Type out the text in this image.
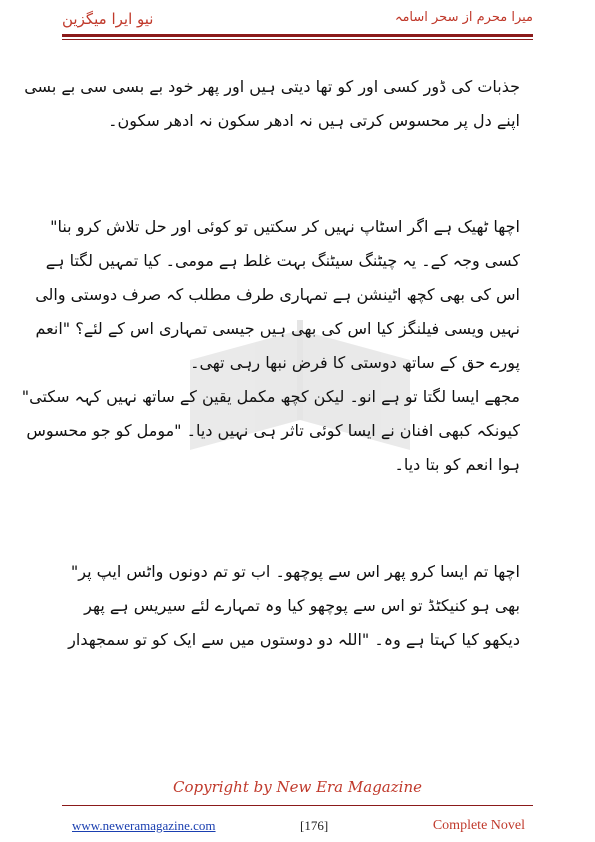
نیو ایرا میگزین	میرا محرم از سحر اسامہ
جذبات کی ڈور کسی اور کو تھا دیتی ہیں اور پھر خود بے بسی سی بے بسی
اپنے دل پر محسوس کرتی ہیں نہ ادھر سکون نہ ادھر سکون۔
اچھا ٹھیک ہے اگر اسٹاپ نہیں کر سکتیں تو کوئی اور حل تلاش کرو بنا"
کسی وجہ کے۔ یہ چیٹنگ سیٹنگ بہت غلط ہے مومی۔ کیا تمہیں لگتا ہے
اس کی بھی کچھ اٹینشن ہے تمہاری طرف مطلب کہ صرف دوستی والی
نہیں ویسی فیلنگز کیا اس کی بھی ہیں جیسی تمہاری اس کے لئے؟ "انعم
پورے حق کے ساتھ دوستی کا فرض نبھا رہی تھی۔
مجھے ایسا لگتا تو ہے انو۔ لیکن کچھ مکمل یقین کے ساتھ نہیں کہہ سکتی"
کیونکہ کبھی افنان نے ایسا کوئی تاثر ہی نہیں دیا۔ "مومل کو جو محسوس
ہوا انعم کو بتا دیا۔
اچھا تم ایسا کرو پھر اس سے پوچھو۔ اب تو تم دونوں واٹس ایپ پر"
بھی ہو کنیکٹڈ تو اس سے پوچھو کیا وہ تمہارے لئے سیریس ہے پھر
دیکھو کیا کہتا ہے وہ۔ "اللہ دو دوستوں میں سے ایک کو تو سمجھدار
Copyright by New Era Magazine
www.neweramagazine.com	[176]	Complete Novel
